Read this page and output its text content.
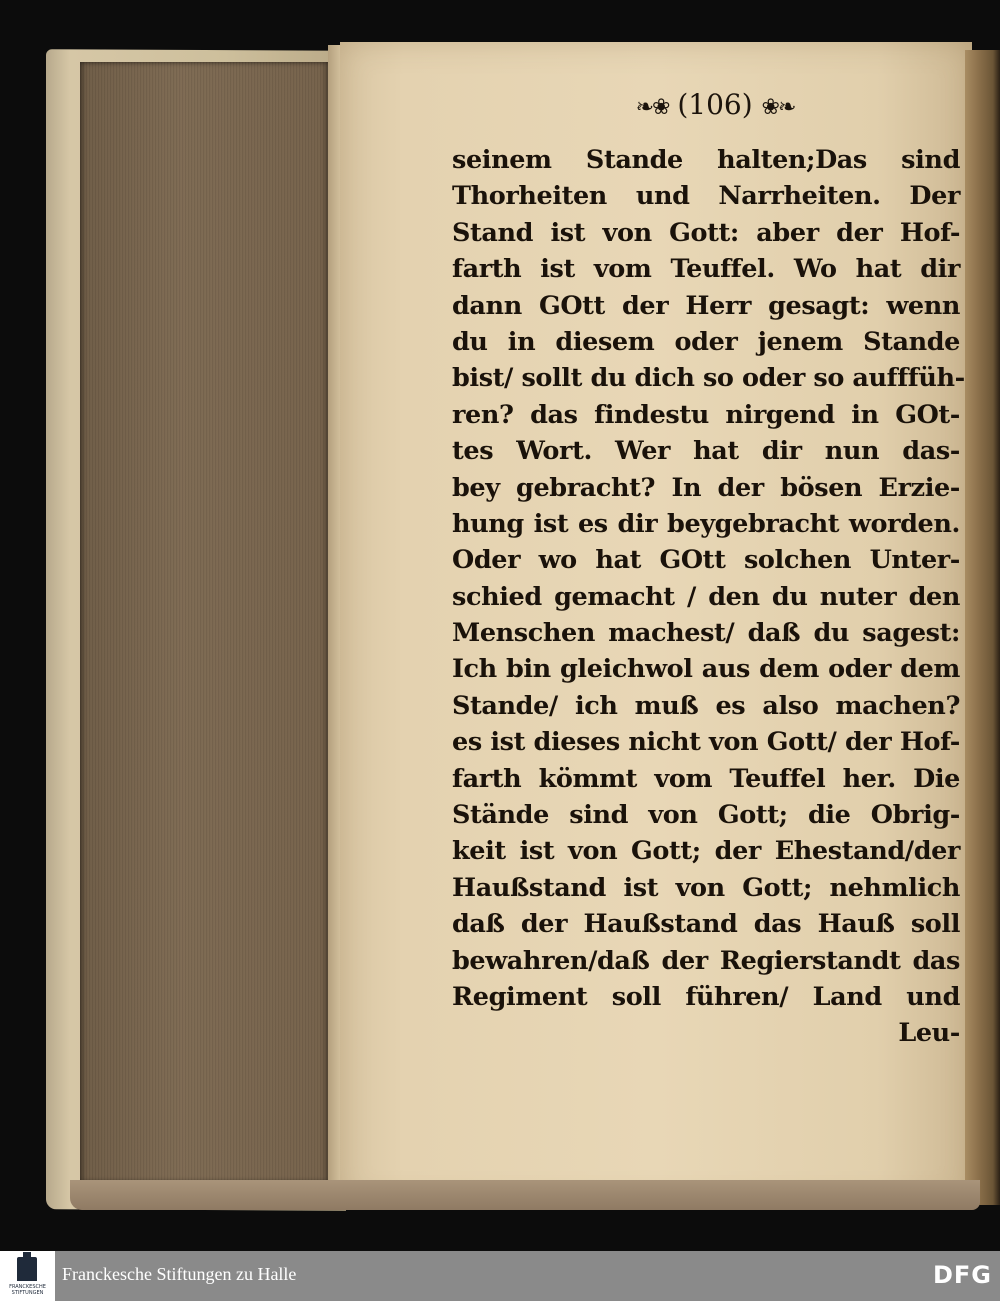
❧❀ (106) ❀❧
seinem Stande halten;Das sind
Thorheiten und Narrheiten. Der
Stand ist von Gott: aber der Hof-
farth ist vom Teuffel. Wo hat dir
dann GOtt der Herr gesagt: wenn
du in diesem oder jenem Stande
bist/ sollt du dich so oder so aufffüh-
ren? das findestu nirgend in GOt-
tes Wort. Wer hat dir nun das-
bey gebracht? In der bösen Erzie-
hung ist es dir beygebracht worden.
Oder wo hat GOtt solchen Unter-
schied gemacht / den du nuter den
Menschen machest/ daß du sagest:
Ich bin gleichwol aus dem oder dem
Stande/ ich muß es also machen?
es ist dieses nicht von Gott/ der Hof-
farth kömmt vom Teuffel her. Die
Stände sind von Gott; die Obrig-
keit ist von Gott; der Ehestand/der
Haußstand ist von Gott; nehmlich
daß der Haußstand das Hauß soll
bewahren/daß der Regierstandt das
Regiment soll führen/ Land und
Leu-
FRANCKESCHE STIFTUNGEN
Franckesche Stiftungen zu Halle	DFG
